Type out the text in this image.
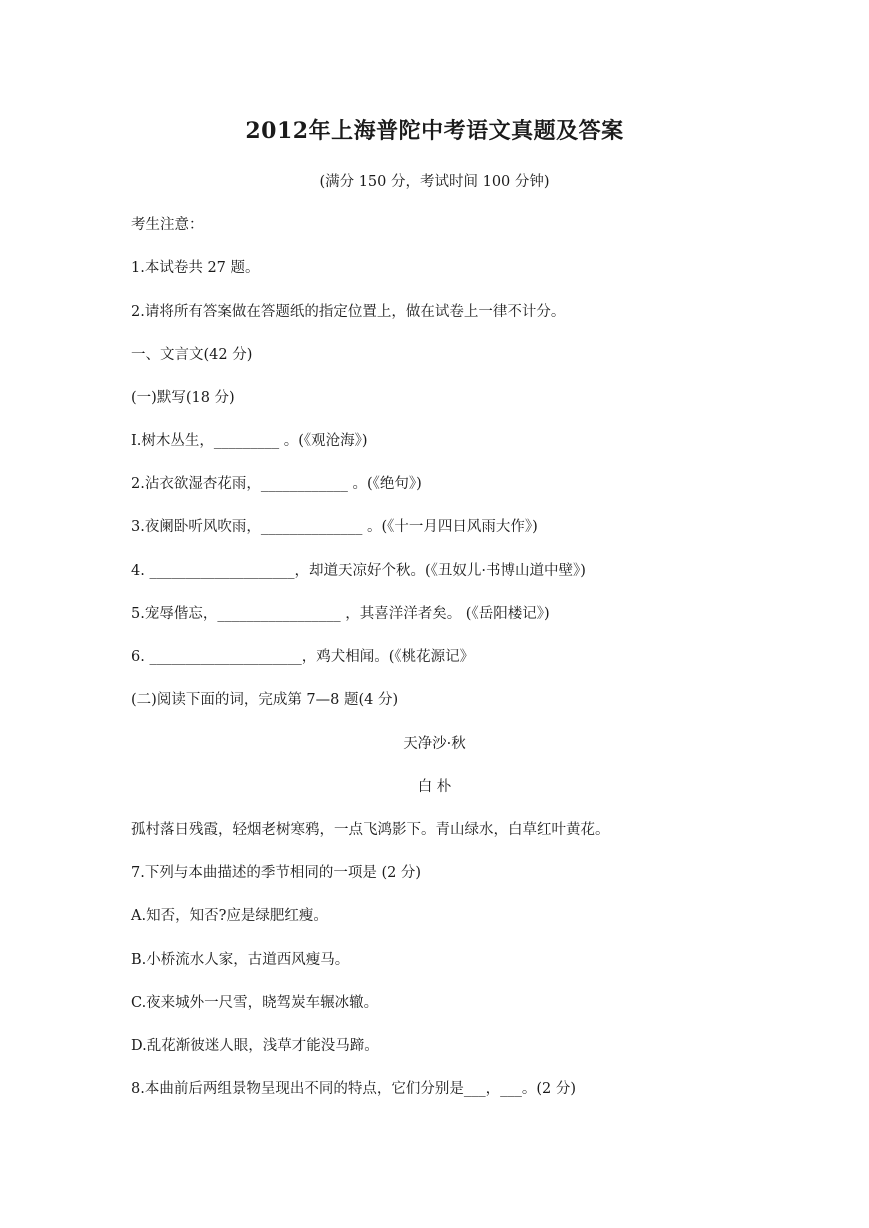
2012年上海普陀中考语文真题及答案
(满分 150 分，考试时间 100 分钟)
考生注意：
1.本试卷共 27 题。
2.请将所有答案做在答题纸的指定位置上，做在试卷上一律不计分。
一、文言文(42 分)
(一)默写(18 分)
I.树木丛生，_________ 。(《观沧海》)
2.沾衣欲湿杏花雨，____________ 。(《绝句》)
3.夜阑卧听风吹雨，______________ 。(《十一月四日风雨大作》)
4. ____________________，却道天凉好个秋。(《丑奴儿·书博山道中壁》)
5.宠辱偕忘，_________________ ，其喜洋洋者矣。 (《岳阳楼记》)
6. _____________________，鸡犬相闻。(《桃花源记》
(二)阅读下面的词，完成第 7—8 题(4 分)
天净沙·秋
白 朴
孤村落日残霞，轻烟老树寒鸦，一点飞鸿影下。青山绿水，白草红叶黄花。
7.下列与本曲描述的季节相同的一项是 (2 分)
A.知否，知否?应是绿肥红瘦。
B.小桥流水人家，古道西风瘦马。
C.夜来城外一尺雪，晓驾炭车辗冰辙。
D.乱花渐彼迷人眼，浅草才能没马蹄。
8.本曲前后两组景物呈现出不同的特点，它们分别是___，___。(2 分)
